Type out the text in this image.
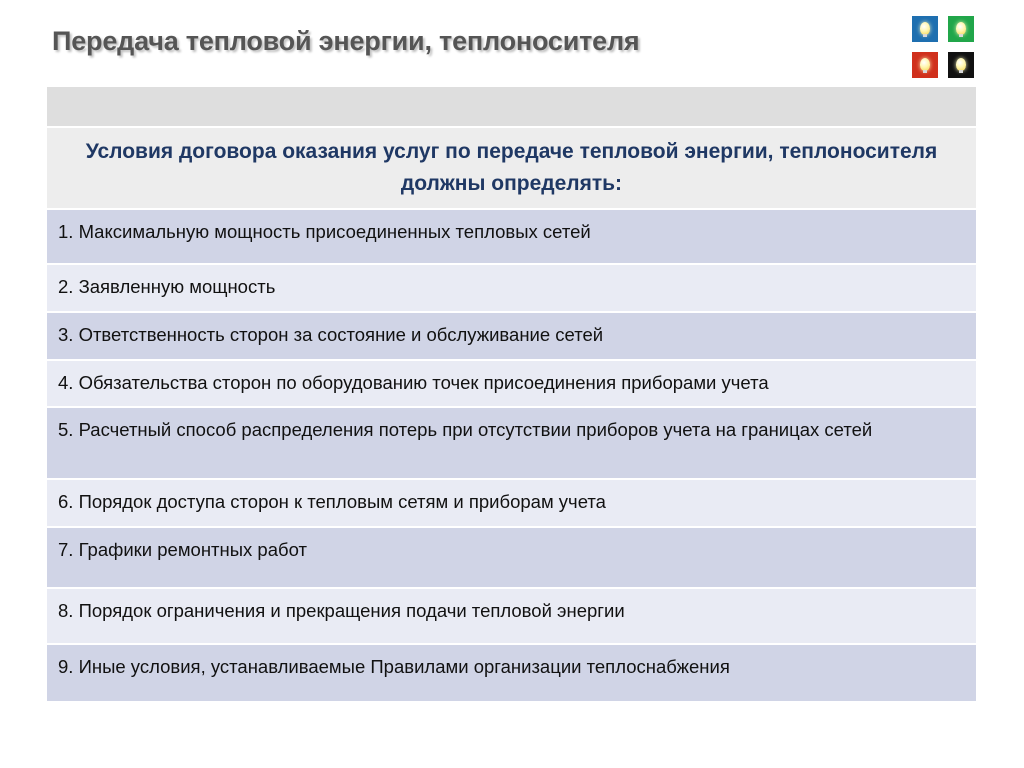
Передача тепловой энергии, теплоносителя
Условия договора оказания услуг по передаче тепловой энергии, теплоносителя должны определять:
1. Максимальную мощность присоединенных тепловых сетей
2. Заявленную мощность
3. Ответственность сторон за состояние и обслуживание сетей
4. Обязательства сторон по оборудованию точек присоединения приборами учета
5. Расчетный способ распределения потерь при отсутствии приборов учета на границах сетей
6. Порядок доступа сторон к тепловым сетям и приборам учета
7. Графики ремонтных работ
8. Порядок ограничения и прекращения подачи тепловой энергии
9. Иные условия, устанавливаемые Правилами организации теплоснабжения
